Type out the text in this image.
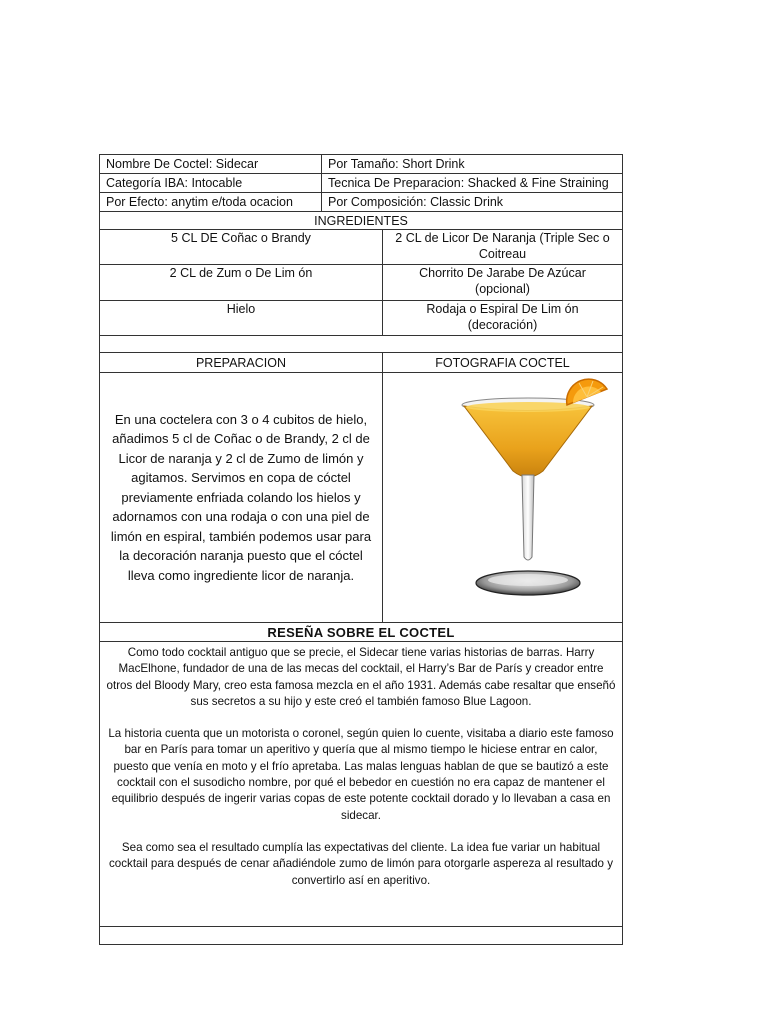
Nombre De Coctel: Sidecar	Por Tamaño: Short Drink
Categoría IBA: Intocable	Tecnica De Preparacion: Shacked & Fine Straining
Por Efecto: anytim e/toda ocacion	Por Composición: Classic Drink
INGREDIENTES
5 CL DE Coñac o Brandy	2 CL de Licor De Naranja (Triple Sec o Coitreau
2 CL de Zum o De Lim ón	Chorrito De Jarabe De Azúcar (opcional)
Hielo	Rodaja o Espiral De Lim ón (decoración)
PREPARACION	FOTOGRAFIA COCTEL
En una coctelera con 3 o 4 cubitos de hielo, añadimos 5 cl de Coñac o de Brandy, 2 cl de Licor de naranja y 2 cl de Zumo de limón y agitamos. Servimos en copa de cóctel previamente enfriada colando los hielos y adornamos con una rodaja o con una piel de limón en espiral, también podemos usar para la decoración naranja puesto que el cóctel lleva como ingrediente licor de naranja.
RESEÑA SOBRE EL COCTEL

Como todo cocktail antiguo que se precie, el Sidecar tiene varias historias de barras. Harry MacElhone, fundador de una de las mecas del cocktail, el Harry’s Bar de París y creador entre otros del Bloody Mary, creo esta famosa mezcla en el año 1931. Además cabe resaltar que enseñó sus secretos a su hijo y este creó el también famoso Blue Lagoon.

La historia cuenta que un motorista o coronel, según quien lo cuente, visitaba a diario este famoso bar en París para tomar un aperitivo y quería que al mismo tiempo le hiciese entrar en calor, puesto que venía en moto y el frío apretaba. Las malas lenguas hablan de que se bautizó a este cocktail con el susodicho nombre, por qué el bebedor en cuestión no era capaz de mantener el equilibrio después de ingerir varias copas de este potente cocktail dorado y lo llevaban a casa en sidecar.

Sea como sea el resultado cumplía las expectativas del cliente. La idea fue variar un habitual cocktail para después de cenar añadiéndole zumo de limón para otorgarle aspereza al resultado y convertirlo así en aperitivo.
